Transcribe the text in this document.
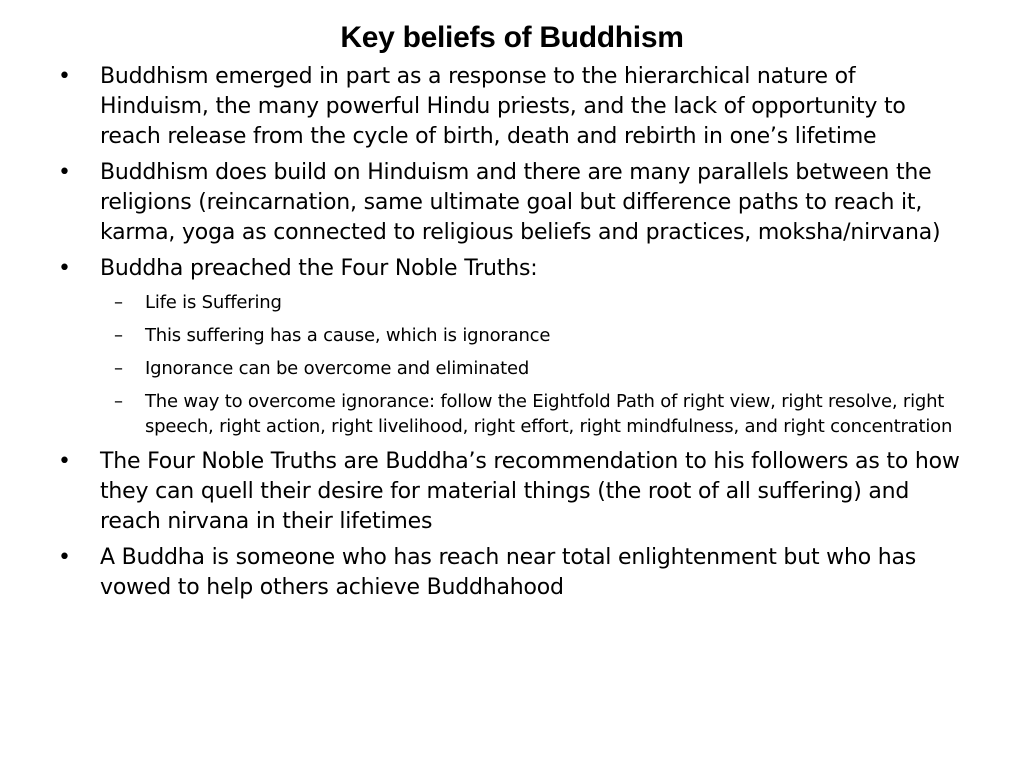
Key beliefs of Buddhism
•	Buddhism emerged in part as a response to the hierarchical nature of Hinduism, the many powerful Hindu priests, and the lack of opportunity to reach release from the cycle of birth, death and rebirth in one’s lifetime
•	Buddhism does build on Hinduism and there are many parallels between the religions (reincarnation, same ultimate goal but difference paths to reach it, karma, yoga as connected to religious beliefs and practices, moksha/nirvana)
•	Buddha preached the Four Noble Truths:
– Life is Suffering
– This suffering has a cause, which is ignorance
– Ignorance can be overcome and eliminated
– The way to overcome ignorance: follow the Eightfold Path of right view, right resolve, right speech, right action, right livelihood, right effort, right mindfulness, and right concentration
•	The Four Noble Truths are Buddha’s recommendation to his followers as to how they can quell their desire for material things (the root of all suffering) and reach nirvana in their lifetimes
•	A Buddha is someone who has reach near total enlightenment but who has vowed to help others achieve Buddhahood
